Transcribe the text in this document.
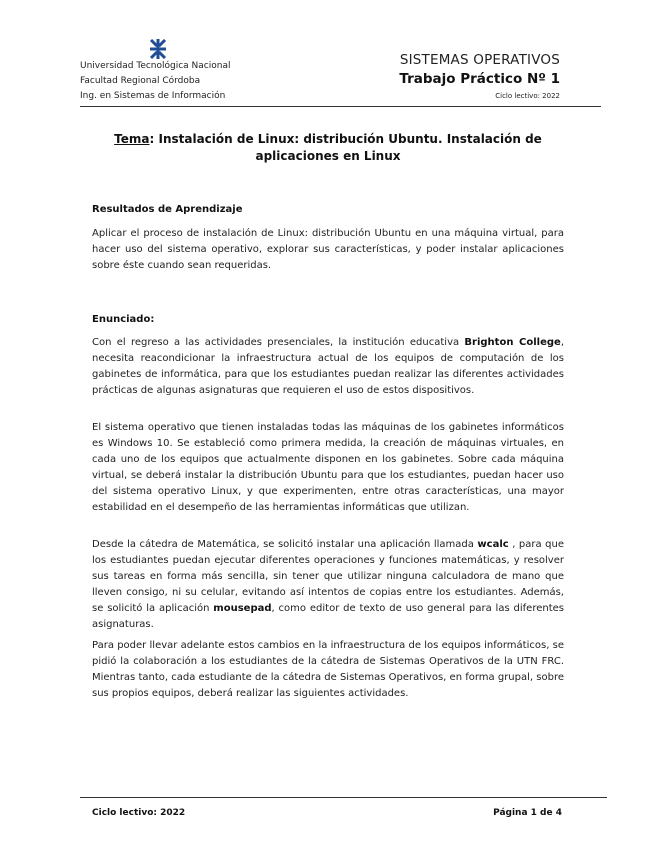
Universidad Tecnológica Nacional
Facultad Regional Córdoba
Ing. en Sistemas de Información
SISTEMAS OPERATIVOS
Trabajo Práctico Nº 1
Ciclo lectivo: 2022
Tema: Instalación de Linux: distribución Ubuntu. Instalación de aplicaciones en Linux
Resultados de Aprendizaje
Aplicar el proceso de instalación de Linux: distribución Ubuntu en una máquina virtual, para hacer uso del sistema operativo, explorar sus características, y poder instalar aplicaciones sobre éste cuando sean requeridas.
Enunciado:
Con el regreso a las actividades presenciales, la institución educativa Brighton College, necesita reacondicionar la infraestructura actual de los equipos de computación de los gabinetes de informática, para que los estudiantes puedan realizar las diferentes actividades prácticas de algunas asignaturas que requieren el uso de estos dispositivos.
El sistema operativo que tienen instaladas todas las máquinas de los gabinetes informáticos es Windows 10. Se estableció como primera medida, la creación de máquinas virtuales, en cada uno de los equipos que actualmente disponen en los gabinetes. Sobre cada máquina virtual, se deberá instalar la distribución Ubuntu para que los estudiantes, puedan hacer uso del sistema operativo Linux, y que experimenten, entre otras características, una mayor estabilidad en el desempeño de las herramientas informáticas que utilizan.
Desde la cátedra de Matemática, se solicitó instalar una aplicación llamada wcalc , para que los estudiantes puedan ejecutar diferentes operaciones y funciones matemáticas, y resolver sus tareas en forma más sencilla, sin tener que utilizar ninguna calculadora de mano que lleven consigo, ni su celular, evitando así intentos de copias entre los estudiantes. Además, se solicitó la aplicación mousepad, como editor de texto de uso general para las diferentes asignaturas.
Para poder llevar adelante estos cambios en la infraestructura de los equipos informáticos, se pidió la colaboración a los estudiantes de la cátedra de Sistemas Operativos de la UTN FRC. Mientras tanto, cada estudiante de la cátedra de Sistemas Operativos, en forma grupal, sobre sus propios equipos, deberá realizar las siguientes actividades.
Ciclo lectivo: 2022	Página 1 de 4
